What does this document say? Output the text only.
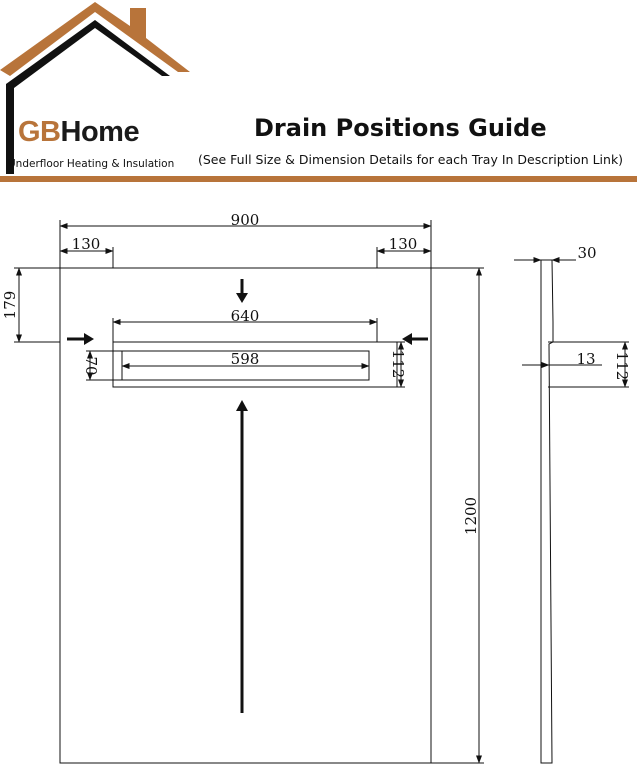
GBHome
Underfloor Heating & Insulation
Drain Positions Guide
(See Full Size & Dimension Details for each Tray In Description Link)
900
130	130
179	640
598
70	112
1200
30
13 112
